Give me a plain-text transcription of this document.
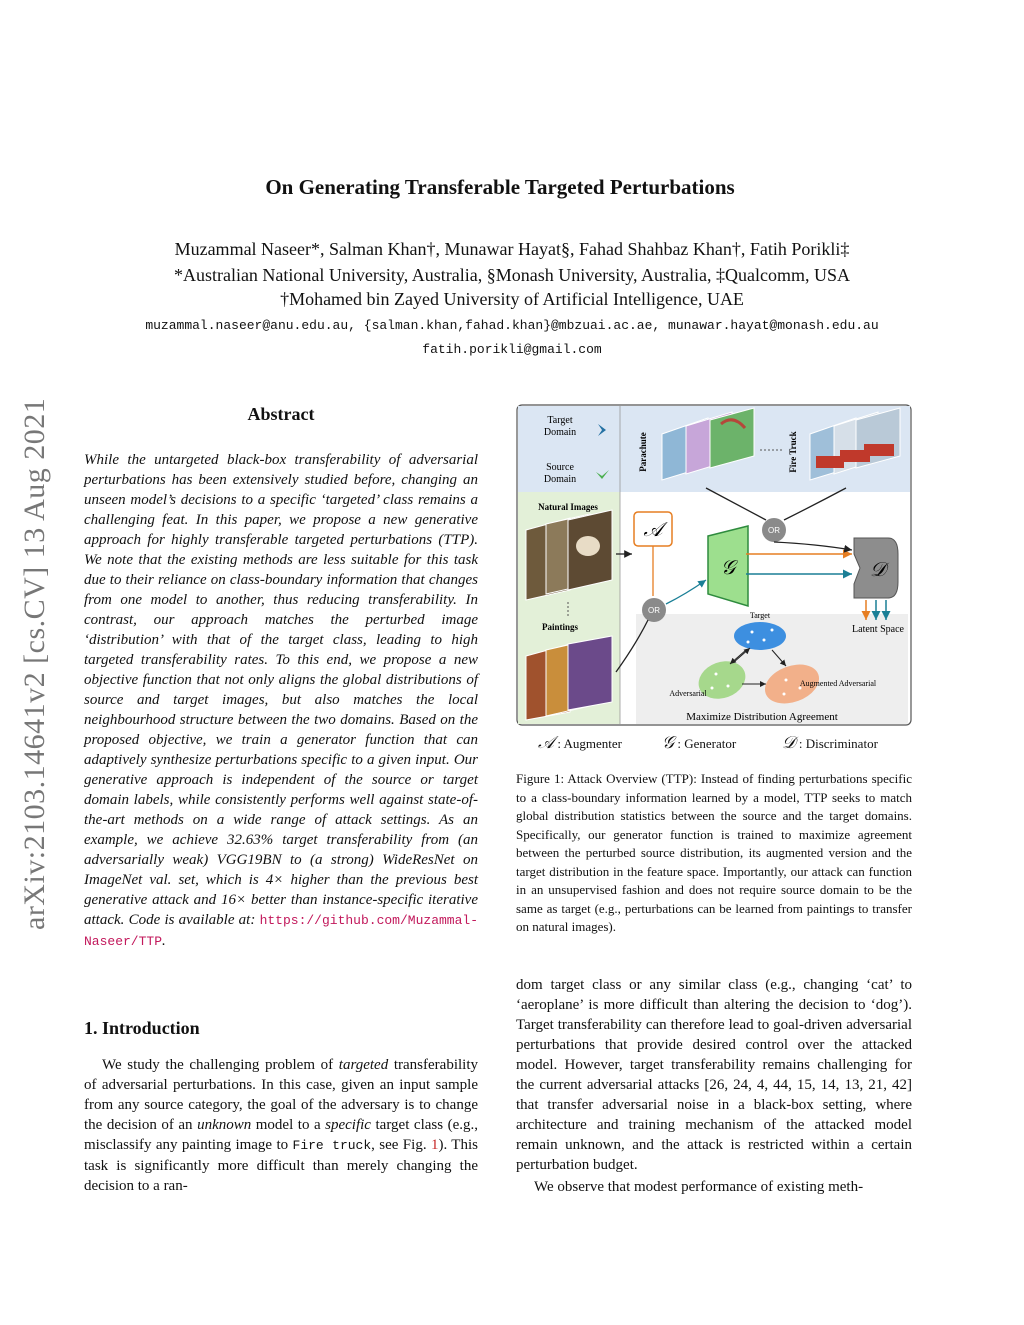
arXiv:2103.14641v2 [cs.CV] 13 Aug 2021
On Generating Transferable Targeted Perturbations
Muzammal Naseer*, Salman Khan†, Munawar Hayat§, Fahad Shahbaz Khan†, Fatih Porikli‡
*Australian National University, Australia, §Monash University, Australia, ‡Qualcomm, USA
†Mohamed bin Zayed University of Artificial Intelligence, UAE
muzammal.naseer@anu.edu.au, {salman.khan,fahad.khan}@mbzuai.ac.ae, munawar.hayat@monash.edu.au
fatih.porikli@gmail.com
Abstract

While the untargeted black-box transferability of adversarial perturbations has been extensively studied before, changing an unseen model’s decisions to a specific ‘targeted’ class remains a challenging feat. In this paper, we propose a new generative approach for highly transferable targeted perturbations (TTP). We note that the existing methods are less suitable for this task due to their reliance on class-boundary information that changes from one model to another, thus reducing transferability. In contrast, our approach matches the perturbed image ‘distribution’ with that of the target class, leading to high targeted transferability rates. To this end, we propose a new objective function that not only aligns the global distributions of source and target images, but also matches the local neighbourhood structure between the two domains. Based on the proposed objective, we train a generator function that can adaptively synthesize perturbations specific to a given input. Our generative approach is independent of the source or target domain labels, while consistently performs well against state-of-the-art methods on a wide range of attack settings. As an example, we achieve 32.63% target transferability from (an adversarially weak) VGG19BN to (a strong) WideResNet on ImageNet val. set, which is 4× higher than the previous best generative attack and 16× better than instance-specific iterative attack. Code is available at: https://github.com/Muzammal-Naseer/TTP.

1. Introduction

We study the challenging problem of targeted transferability of adversarial perturbations. In this case, given an input sample from any source category, the goal of the adversary is to change the decision of an unknown model to a specific target class (e.g., misclassify any painting image to Fire truck, see Fig. 1). This task is significantly more difficult than merely changing the decision to a ran-

Target Domain
Source Domain
Parachute	Fire Truck
Natural Images
Paintings
𝒜	OR
OR
𝒢	𝒟
Latent Space
Target
Adversarial
Augmented Adversarial
Maximize Distribution Agreement
𝒜 : Augmenter 𝒢 : Generator	𝒟 : Discriminator
Figure 1: Attack Overview (TTP): Instead of finding perturbations specific to a class-boundary information learned by a model, TTP seeks to match global distribution statistics between the source and the target domains. Specifically, our generator function is trained to maximize agreement between the perturbed source distribution, its augmented version and the target distribution in the feature space. Importantly, our attack can function in an unsupervised fashion and does not require source domain to be the same as target (e.g., perturbations can be learned from paintings to transfer on natural images).
dom target class or any similar class (e.g., changing ‘cat’ to ‘aeroplane’ is more difficult than altering the decision to ‘dog’). Target transferability can therefore lead to goal-driven adversarial perturbations that provide desired control over the attacked model. However, target transferability remains challenging for the current adversarial attacks [26, 24, 4, 44, 15, 14, 13, 21, 42] that transfer adversarial noise in a black-box setting, where architecture and training mechanism of the attacked model remain unknown, and the attack is restricted within a certain perturbation budget.
We observe that modest performance of existing meth-
